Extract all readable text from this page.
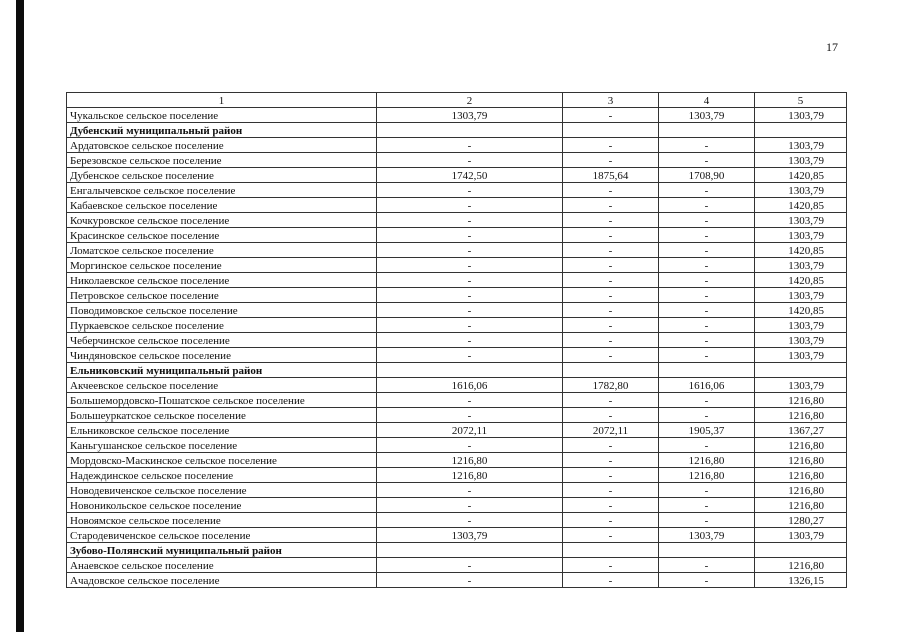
17
1	2	3	4	5
Чукальское сельское поселение	1303,79	-	1303,79	1303,79
Дубенский муниципальный район				
Ардатовское сельское поселение	-	-	-	1303,79
Березовское сельское поселение	-	-	-	1303,79
Дубенское сельское поселение	1742,50	1875,64	1708,90	1420,85
Енгалычевское сельское поселение	-	-	-	1303,79
Кабаевское сельское поселение	-	-	-	1420,85
Кочкуровское сельское поселение	-	-	-	1303,79
Красинское сельское поселение	-	-	-	1303,79
Ломатское сельское поселение	-	-	-	1420,85
Моргинское сельское поселение	-	-	-	1303,79
Николаевское сельское поселение	-	-	-	1420,85
Петровское сельское поселение	-	-	-	1303,79
Поводимовское сельское поселение	-	-	-	1420,85
Пуркаевское сельское поселение	-	-	-	1303,79
Чеберчинское сельское поселение	-	-	-	1303,79
Чиндяновское сельское поселение	-	-	-	1303,79
Ельниковский муниципальный район				
Акчеевское сельское поселение	1616,06	1782,80	1616,06	1303,79
Большемордовско-Пошатское сельское поселение	-	-	-	1216,80
Большеуркатское сельское поселение	-	-	-	1216,80
Ельниковское сельское поселение	2072,11	2072,11	1905,37	1367,27
Каньгушанское сельское поселение	-	-	-	1216,80
Мордовско-Маскинское сельское поселение	1216,80	-	1216,80	1216,80
Надеждинское сельское поселение	1216,80	-	1216,80	1216,80
Новодевиченское сельское поселение	-	-	-	1216,80
Новоникольское сельское поселение	-	-	-	1216,80
Новоямское сельское поселение	-	-	-	1280,27
Стародевиченское сельское поселение	1303,79	-	1303,79	1303,79
Зубово-Полянский муниципальный район				
Анаевское сельское поселение	-	-	-	1216,80
Ачадовское сельское поселение	-	-	-	1326,15
